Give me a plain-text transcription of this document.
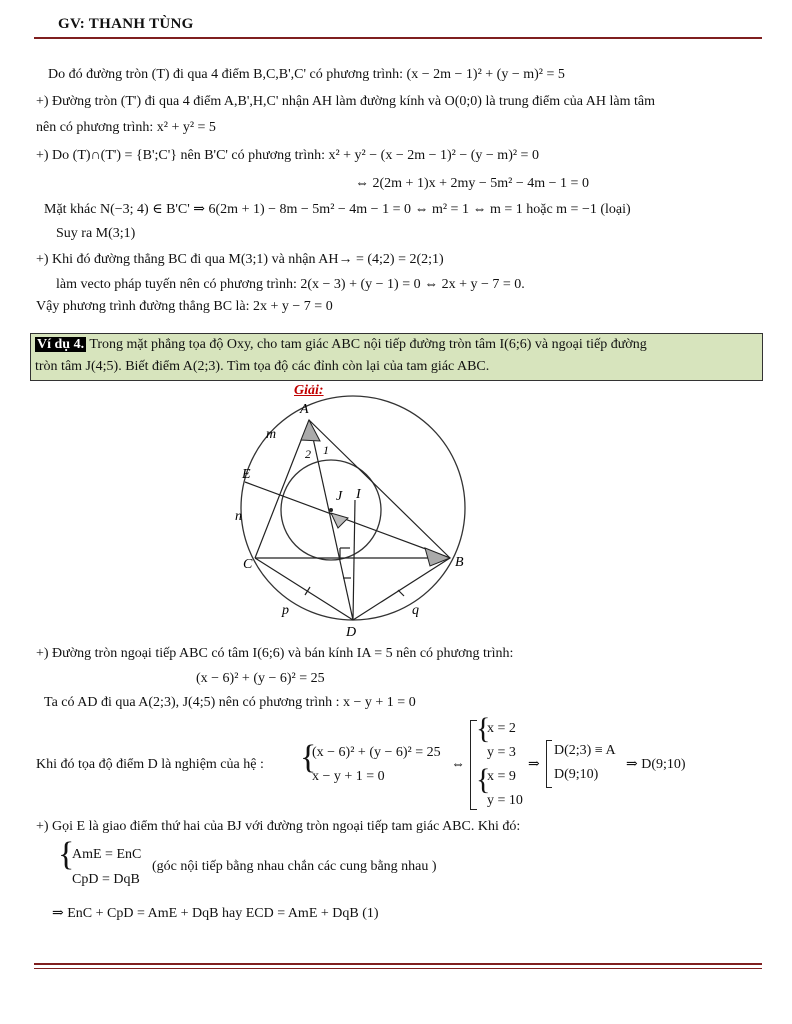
GV: THANH TÙNG
Do đó đường tròn (T) đi qua 4 điểm B,C,B',C' có phương trình: (x − 2m − 1)² + (y − m)² = 5
+) Đường tròn (T') đi qua 4 điểm A,B',H,C' nhận AH làm đường kính và O(0;0) là trung điểm của AH làm tâm
nên có phương trình: x² + y² = 5
+) Do (T)∩(T') = {B';C'} nên B'C' có phương trình: x² + y² − (x − 2m − 1)² − (y − m)² = 0
⇔ 2(2m + 1)x + 2my − 5m² − 4m − 1 = 0
Mặt khác N(−3; 4) ∈ B'C' ⇒ 6(2m + 1) − 8m − 5m² − 4m − 1 = 0 ⇔ m² = 1 ⇔ m = 1 hoặc m = −1 (loại)
Suy ra M(3;1)
+) Khi đó đường thẳng BC đi qua M(3;1) và nhận AH→ = (4;2) = 2(2;1)
làm vecto pháp tuyến nên có phương trình: 2(x − 3) + (y − 1) = 0 ⇔ 2x + y − 7 = 0.
Vậy phương trình đường thẳng BC là: 2x + y − 7 = 0
Ví dụ 4. Trong mặt phẳng tọa độ Oxy, cho tam giác ABC nội tiếp đường tròn tâm I(6;6) và ngoại tiếp đường
tròn tâm J(4;5). Biết điểm A(2;3). Tìm tọa độ các đỉnh còn lại của tam giác ABC.
Giải:
A
B
C
D
E
I
J
m
n
p	q
1
2
+) Đường tròn ngoại tiếp ABC có tâm I(6;6) và bán kính IA = 5 nên có phương trình:
(x − 6)² + (y − 6)² = 25
Ta có AD đi qua A(2;3), J(4;5) nên có phương trình : x − y + 1 = 0
Khi đó tọa độ điểm D là nghiệm của hệ :	{
(x − 6)² + (y − 6)² = 25
x − y + 1 = 0
⇔
{
{
x = 2
y = 3
x = 9
y = 10
⇒
D(2;3) ≡ A
D(9;10)
⇒ D(9;10)
+) Gọi E là giao điểm thứ hai của BJ với đường tròn ngoại tiếp tam giác ABC. Khi đó:
{
AmE = EnC
CpD = DqB
(góc nội tiếp bằng nhau chắn các cung bằng nhau )
⇒ EnC + CpD = AmE + DqB hay ECD = AmE + DqB (1)
